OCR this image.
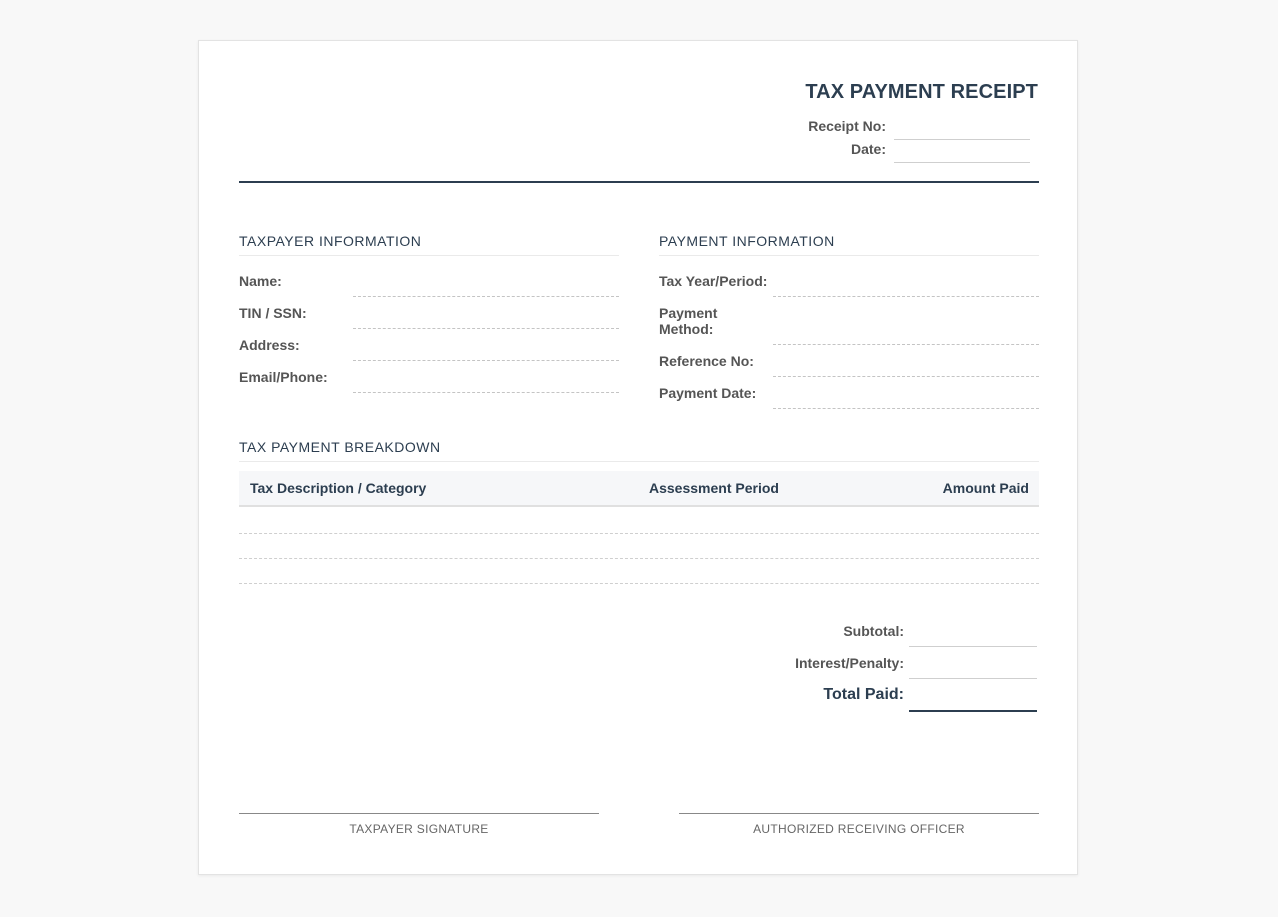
TAX PAYMENT RECEIPT
Receipt No:
Date:
TAXPAYER INFORMATION
Name:
TIN / SSN:
Address:
Email/Phone:
PAYMENT INFORMATION
Tax Year/Period:
Payment Method:
Reference No:
Payment Date:
TAX PAYMENT BREAKDOWN
Tax Description / Category	Assessment Period	Amount Paid
Subtotal:
Interest/Penalty:
Total Paid:
TAXPAYER SIGNATURE	AUTHORIZED RECEIVING OFFICER
